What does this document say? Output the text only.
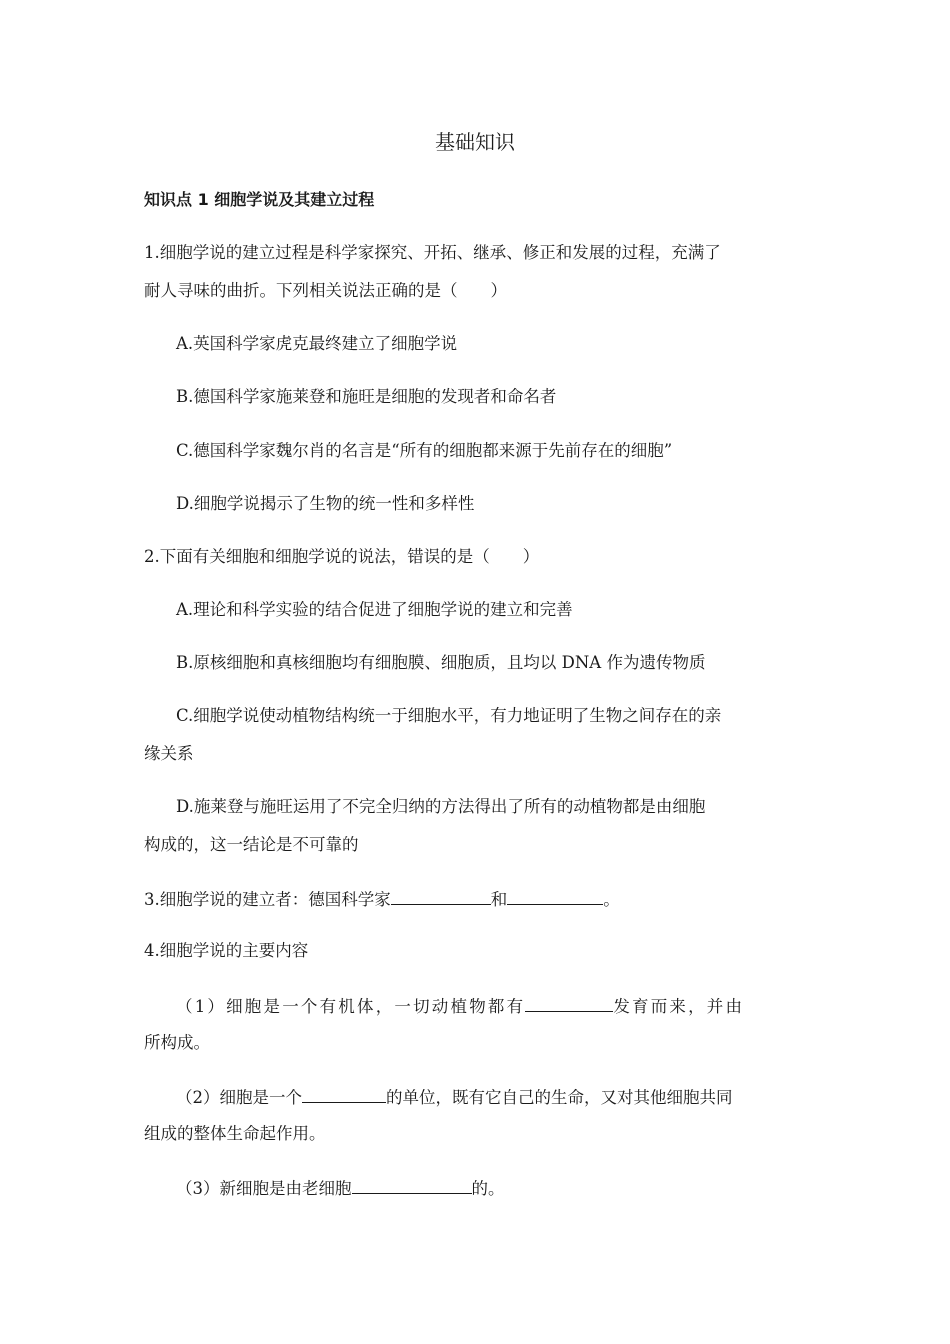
基础知识
知识点 1 细胞学说及其建立过程
1.细胞学说的建立过程是科学家探究、开拓、继承、修正和发展的过程，充满了
耐人寻味的曲折。下列相关说法正确的是（　　）
A.英国科学家虎克最终建立了细胞学说
B.德国科学家施莱登和施旺是细胞的发现者和命名者
C.德国科学家魏尔肖的名言是“所有的细胞都来源于先前存在的细胞”
D.细胞学说揭示了生物的统一性和多样性
2.下面有关细胞和细胞学说的说法，错误的是（　　）
A.理论和科学实验的结合促进了细胞学说的建立和完善
B.原核细胞和真核细胞均有细胞膜、细胞质，且均以 DNA 作为遗传物质
C.细胞学说使动植物结构统一于细胞水平，有力地证明了生物之间存在的亲
缘关系
D.施莱登与施旺运用了不完全归纳的方法得出了所有的动植物都是由细胞
构成的，这一结论是不可靠的
3.细胞学说的建立者：德国科学家	和	。
4.细胞学说的主要内容
（1）细胞是一个有机体，一切动植物都有	发育而来，并由
所构成。
（2）细胞是一个	的单位，既有它自己的生命，又对其他细胞共同
组成的整体生命起作用。
（3）新细胞是由老细胞	的。
